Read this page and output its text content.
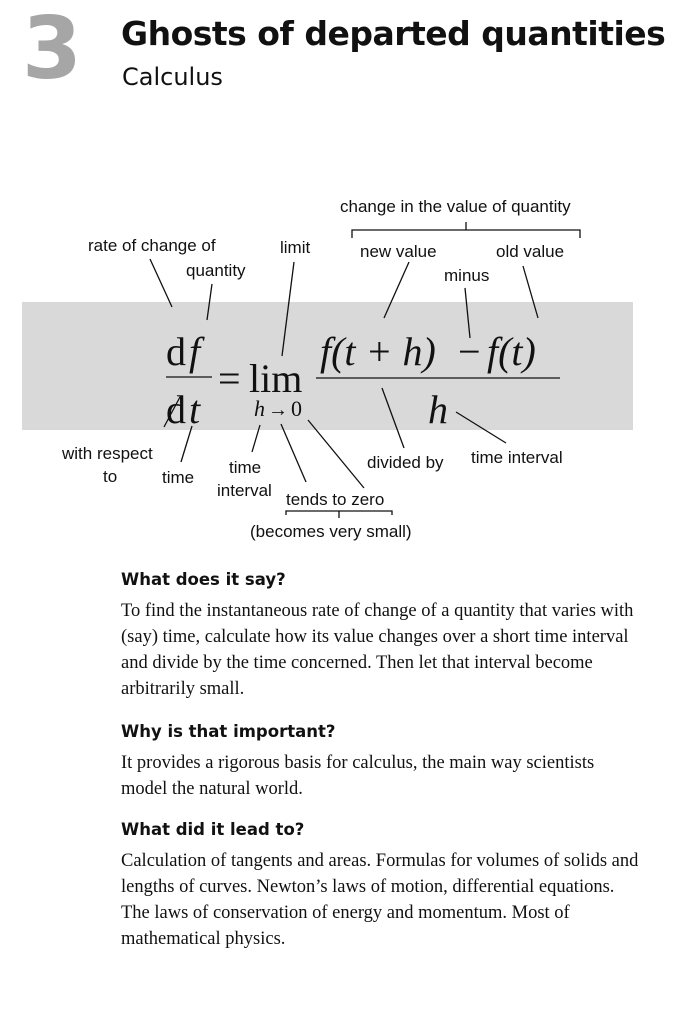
3 Ghosts of departed quantities
Calculus
d f
d t
= lim
h → 0
f(t + h) − f(t)
h
change in the value of quantity
rate of change of
quantity
limit	new value	old value
minus
with respect
to	time
time
interval tends to zero
(becomes very small)
divided by time interval
What does it say?

To find the instantaneous rate of change of a quantity that varies with (say) time, calculate how its value changes over a short time interval and divide by the time concerned. Then let that interval become arbitrarily small.

Why is that important?

It provides a rigorous basis for calculus, the main way scientists model the natural world.

What did it lead to?

Calculation of tangents and areas. Formulas for volumes of solids and lengths of curves. Newton’s laws of motion, differential equations. The laws of conservation of energy and momentum. Most of mathematical physics.
